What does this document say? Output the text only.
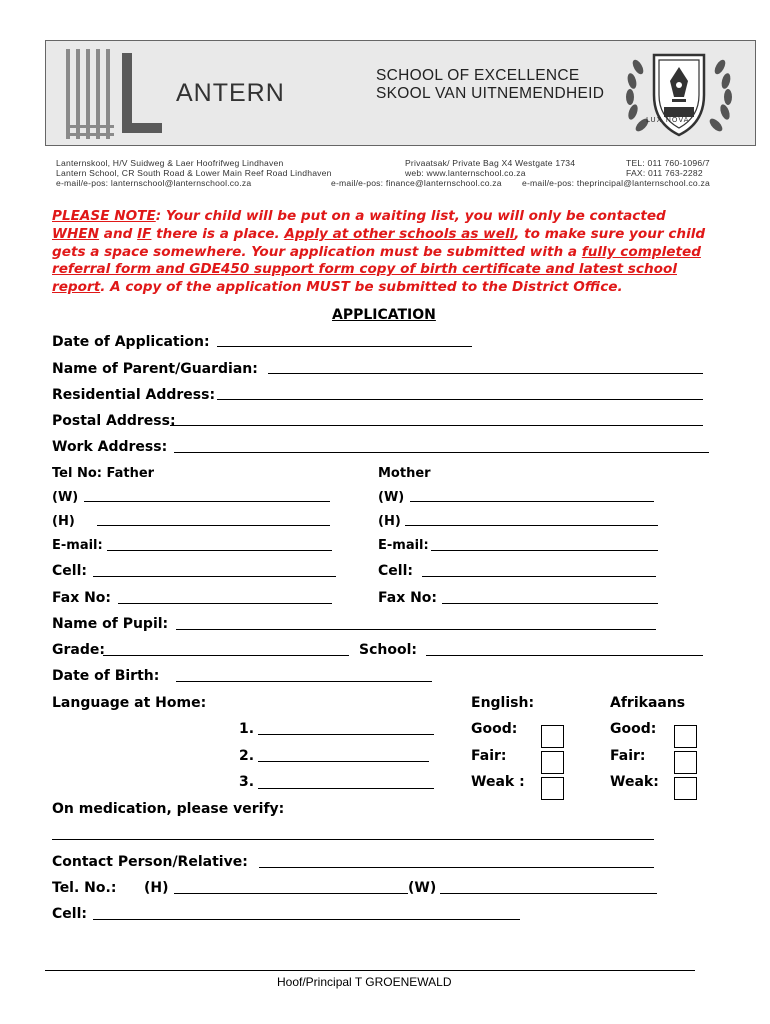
ANTERN
SCHOOL OF EXCELLENCE
SKOOL VAN UITNEMENDHEID
LUX NOVA
Lanternskool, H/V Suidweg & Laer Hoofrifweg Lindhaven
Lantern School, CR South Road & Lower Main Reef Road Lindhaven
e-mail/e-pos: lanternschool@lanternschool.co.za
Privaatsak/ Private Bag X4 Westgate 1734
web: www.lanternschool.co.za
e-mail/e-pos: finance@lanternschool.co.za
TEL: 011 760-1096/7
FAX: 011 763-2282
e-mail/e-pos: theprincipal@lanternschool.co.za
PLEASE NOTE: Your child will be put on a waiting list, you will only be contacted WHEN and IF there is a place. Apply at other schools as well, to make sure your child gets a space somewhere. Your application must be submitted with a fully completed referral form and GDE450 support form copy of birth certificate and latest school report. A copy of the application MUST be submitted to the District Office.
APPLICATION
Date of Application:
Name of Parent/Guardian:
Residential Address:
Postal Address:
Work Address:
Tel No: Father	Mother
(W)	(W)
(H)	(H)
E-mail:	E-mail:
Cell:	Cell:
Fax No:	Fax No:
Name of Pupil:
Grade:	School:
Date of Birth:
Language at Home:	English:	Afrikaans
1.	Good:	Good:
2.	Fair:	Fair:
3.	Weak :	Weak:
On medication, please verify:
Contact Person/Relative:
Tel. No.: (H)	(W)
Cell:
Hoof/Principal T GROENEWALD
